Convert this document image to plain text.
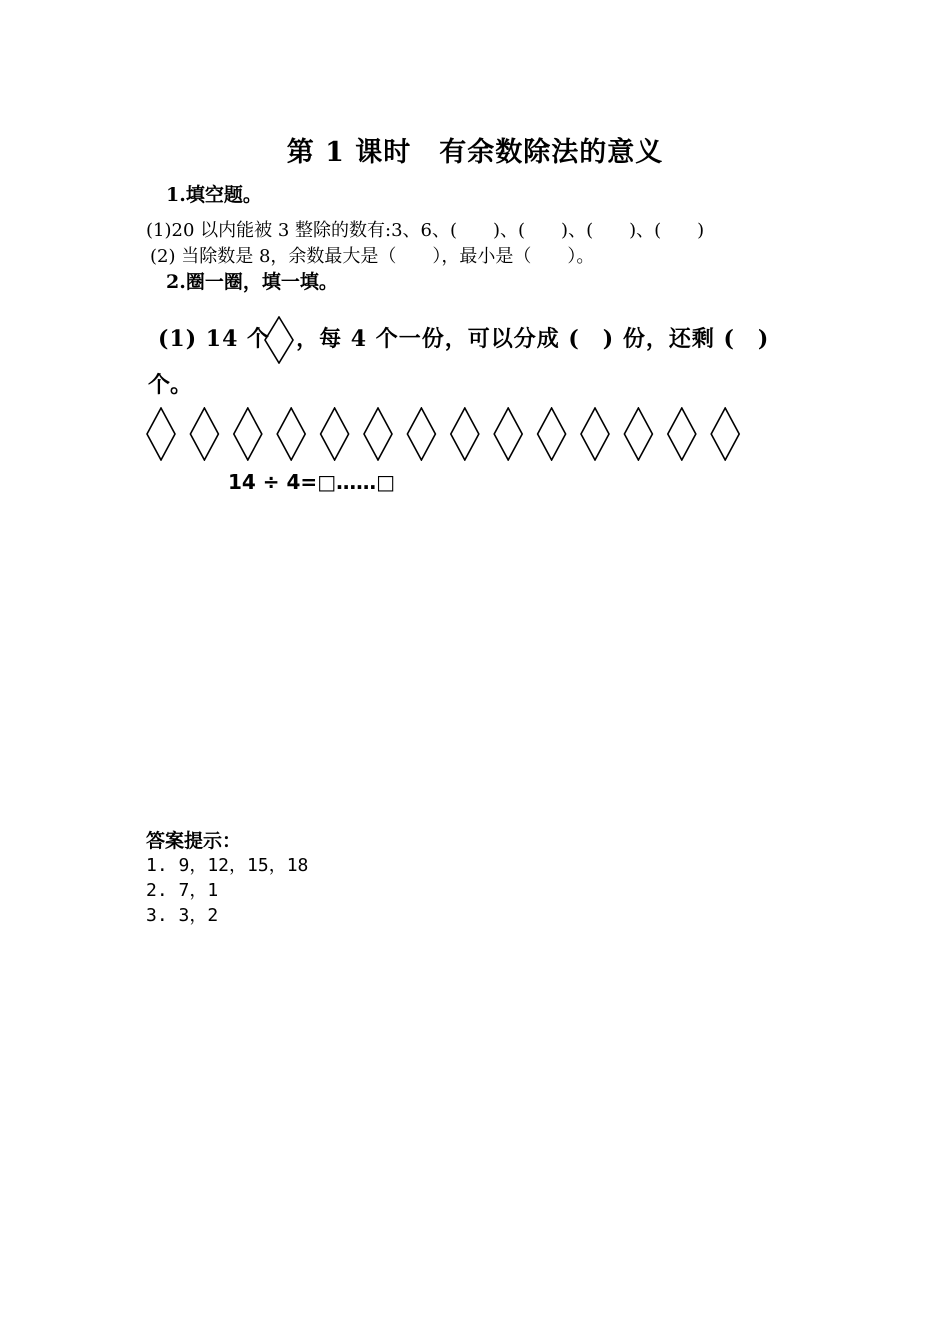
第 1 课时　有余数除法的意义
1.填空题。
(1)20 以内能被 3 整除的数有:3、6、(　　)、(　　)、(　　)、(　　)
(2) 当除数是 8，余数最大是（　　），最小是（　　）。
2.圈一圈，填一填。
(1) 14 个 ，每 4 个一份，可以分成 (　) 份，还剩 (　)
个。
14 ÷ 4=□……□
答案提示：
1. 9，12，15，18
2. 7，1
3. 3，2
